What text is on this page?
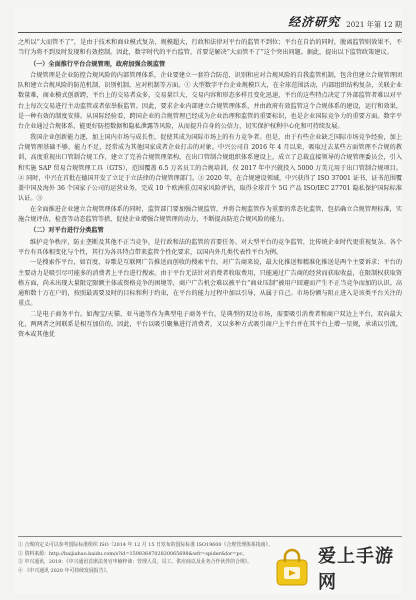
经济研究 2021 年第 12 期

之所以“大而管不了”，是由于技术和商业模式复杂，规模超大，行政和法律对平台的监管不到位；平台在自治的同时，脱离监管则效果不，不当行为将不到及时发现和有效控制。因此，数字时代的平台监管，首要是解决“大而管不了”这个突出问题。据此，提出以下监管政策建议。

（一）全面推行平台合规管理，政府加强合规监管

合规管理是企业防控合规风险的内部管理体系，企业要建立一套符合防范、识别和应对合规风险的自我监管机制，包含但建立合规管理团队和建立合规风险的防范机制、识别机制、应对机制等方面。① 大型数字平台企业规模巨大，在全球范围活动，内部组织结构复杂，关联企业数量难，商业模式创新跨，平台上的交易者众多，交易量巨大，交易内容和形态多样且变化迅速，平台的这些特点决定了外部监管者难以对平台上每次交易进行主动监管或者依举报监管。因此，要求企业内部建立合规管理体系，并由政府有效监管这个合规体系的建设，运行和效果，是一种有效的制度安排。从国际经验看，跨国企业的合规管理已经成为企业治理和监管的重要标识，也是企业国际竞争力的重要方面。数字平台企业通过合规体系，能更好防控数据和隐私泄露等风险，从而提升自身的公信力，切实保护权利中心化和可持续发展。

我国企业创新能力逐，加上国内市场与成长性，促使其成为国际市场上的有力竞争者。但是，由于有些企业缺乏国际市场竞争经验，加上合规管理基础不够，能力不足，经常成为其他国家成者企业打击的对象。中兴公司自 2016 年 4 月以来，吸取过去某些方面管理不合规的教训，高度重视出口管制合规工作，建立了完善合规管理架构，在出口管制合规组织体系建设上，成立了总裁直接领导的合规管理委员会，引入和实施 SAP 贸易合规管理工具（GTS），范围覆盖 6.5 万名员工的合规培训，仅 2017 年中兴就投入 5000 万美元用于出口管制合规项目。② 同时，中兴在首批在德国开发了立足于立法律的合规管理部门。③ 2020 年，在合规建设领域，中兴获得了 ISO 37001 证书，证书范围覆盖中国及海外 36 个国家子公司的运营业务，完成 10 个欧洲重点国家风险评估，取得全球首个 5G 产品 ISO/IEC 27701 隐私保护国际标准认证。③

在全面推进企业建立合规管理体系的同时，监管部门要加强合规监管，并将合规监管作为重要的常态化监管，包括确立合规管理标准，实施合规评估，检查等动态监管等措，促使企业增强合规管理的动力，不断提高防范合规风险的能力。

（二）对平台进行分类监管

维护竞争秩序，防止垄断及其他不正当竞争，是行政和法的监管的首要任务。对大型平台的竞争监管，比传统企业时代更重视复杂。各个平台有具体相变化与个性，其行为各具特点带来监管个性化要求，以国内外几类代表性平台为例。

一是搜索作平台，如百度、谷歌是互联网广告推送而创收的搜索平台，对广告商来说，最大化推送和精准化推送是两个主要诉求；平台的主要动力是吸引尽可能多的消费者上平台进行搜索。由于平台无法针对消费者收取费用，只能通过广告商的经营而获取收益，在限制权获取资格方面，尚未出现大量限定限额主体或资格竞争的困境等，商户广告机会难以被平台“商业压制”被用户回避而产生不正当竞争而加的认识。高通和数十万在户的，按照最需要及时的目标和利于约束，在平台的能力过程中加以引导，从属于自己。市场份额与阻止进入是该类平台关注的重点。

二是电子商务平台。如淘宝/天猫、亚马逊等作为典型电子商务平台，是典型的双边市场，需要吸引消费者和商户双边上平台，双向最大化，两两者之间联系是相互加倍的。因此，平台以吸引聚集进行消费者，又以多种方式吸引商户上平台并在其平台上增一星规，承诺以引流，资本或其他优

① 合规的定义可以参考国际标准组织 ISO（2014 年 12 月 15 日发布的国际标准 ISO19600《合规管理体系指南》。
② 资料来源：http://baijiahao.baidu.com/s?id=1598364702820065698&wfr=spider&for=pc。
③ 中兴通讯，2019：《中兴通讯首席法务官申楠梓谈：管理人员，员工，供应商以及业务合作伙伴的合规》。
④ 《中兴通讯 2020 年可持续发展报告》。
爱上手游网
